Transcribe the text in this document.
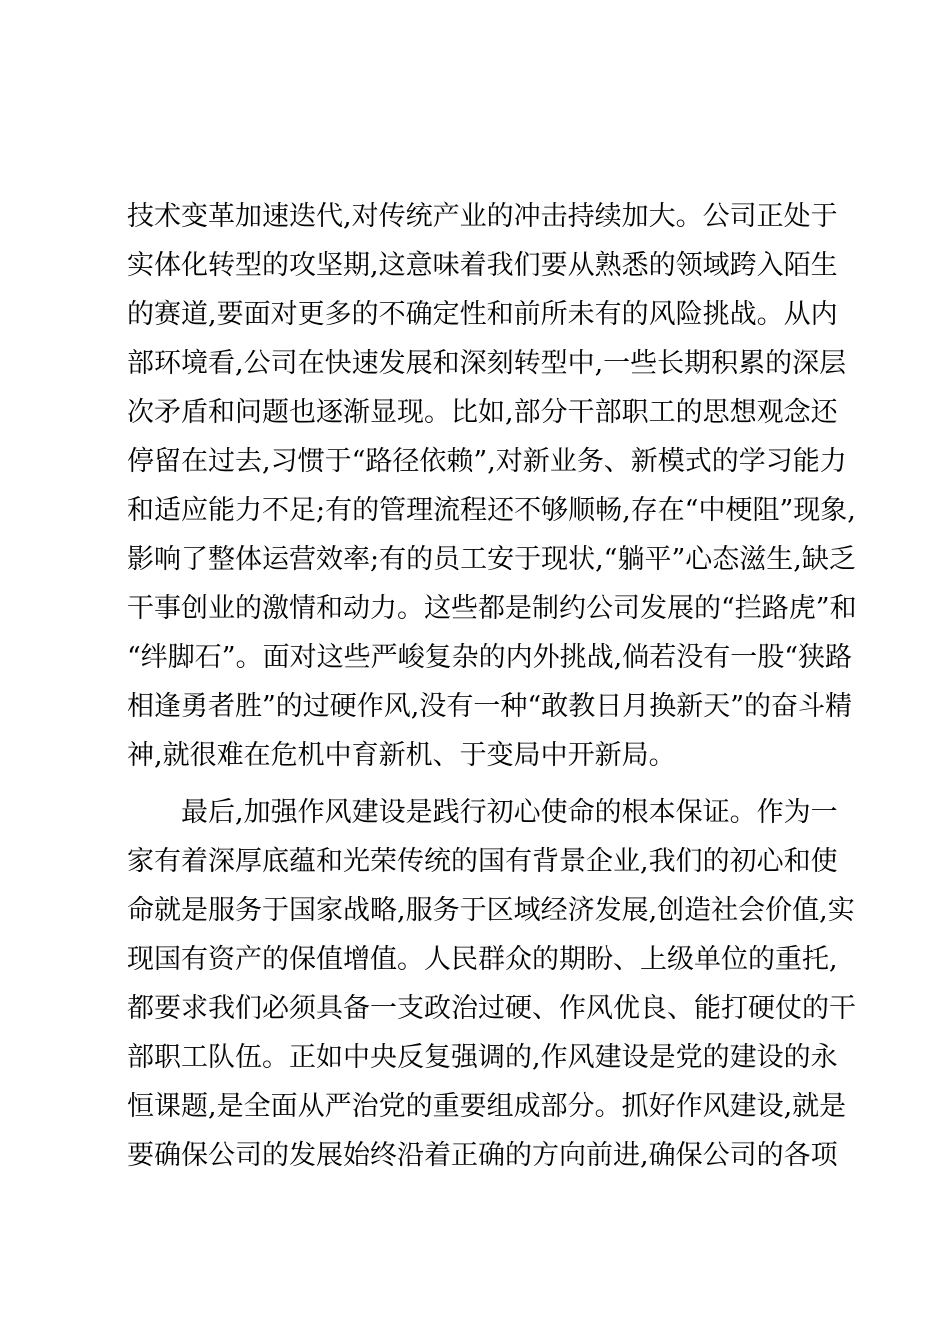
技术变革加速迭代,对传统产业的冲击持续加大。公司正处于
实体化转型的攻坚期,这意味着我们要从熟悉的领域跨入陌生
的赛道,要面对更多的不确定性和前所未有的风险挑战。从内
部环境看,公司在快速发展和深刻转型中,一些长期积累的深层
次矛盾和问题也逐渐显现。比如,部分干部职工的思想观念还
停留在过去,习惯于“路径依赖”,对新业务、新模式的学习能力
和适应能力不足;有的管理流程还不够顺畅,存在“中梗阻”现象,
影响了整体运营效率;有的员工安于现状,“躺平”心态滋生,缺乏
干事创业的激情和动力。这些都是制约公司发展的“拦路虎”和
“绊脚石”。面对这些严峻复杂的内外挑战,倘若没有一股“狭路
相逢勇者胜”的过硬作风,没有一种“敢教日月换新天”的奋斗精
神,就很难在危机中育新机、于变局中开新局。
最后,加强作风建设是践行初心使命的根本保证。作为一
家有着深厚底蕴和光荣传统的国有背景企业,我们的初心和使
命就是服务于国家战略,服务于区域经济发展,创造社会价值,实
现国有资产的保值增值。人民群众的期盼、上级单位的重托,
都要求我们必须具备一支政治过硬、作风优良、能打硬仗的干
部职工队伍。正如中央反复强调的,作风建设是党的建设的永
恒课题,是全面从严治党的重要组成部分。抓好作风建设,就是
要确保公司的发展始终沿着正确的方向前进,确保公司的各项
